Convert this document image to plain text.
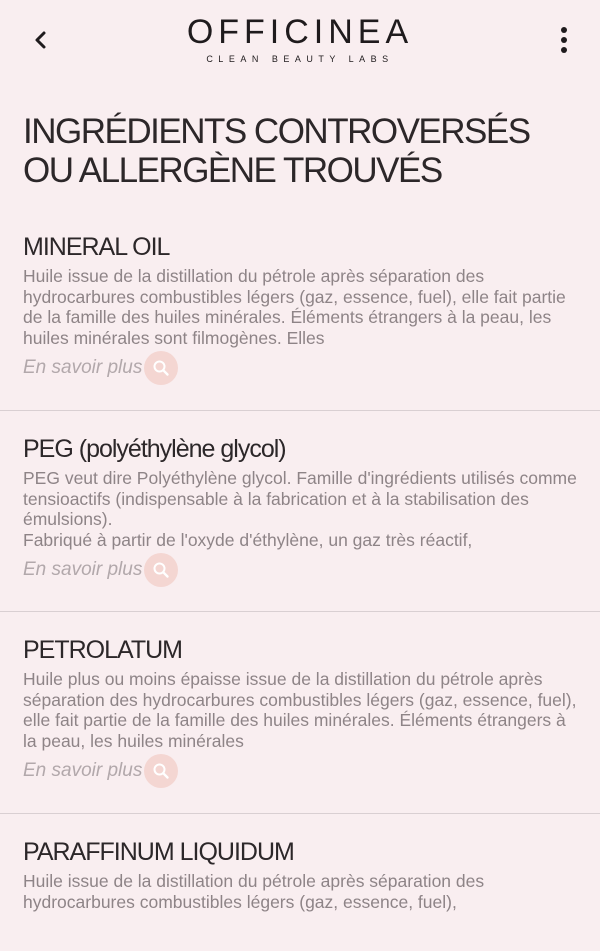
OFFICINEA
CLEAN BEAUTY LABS
INGRÉDIENTS CONTROVERSÉS
OU ALLERGÈNE TROUVÉS
MINERAL OIL

Huile issue de la distillation du pétrole après séparation des hydrocarbures combustibles légers (gaz, essence, fuel), elle fait partie de la famille des huiles minérales. Éléments étrangers à la peau, les huiles minérales sont filmogènes. Elles

En savoir plus
PEG (polyéthylène glycol)

PEG veut dire Polyéthylène glycol. Famille d'ingrédients utilisés comme tensioactifs (indispensable à la fabrication et à la stabilisation des émulsions).
Fabriqué à partir de l'oxyde d'éthylène, un gaz très réactif,

En savoir plus
PETROLATUM

Huile plus ou moins épaisse issue de la distillation du pétrole après séparation des hydrocarbures combustibles légers (gaz, essence, fuel), elle fait partie de la famille des huiles minérales. Éléments étrangers à la peau, les huiles minérales

En savoir plus
PARAFFINUM LIQUIDUM

Huile issue de la distillation du pétrole après séparation des hydrocarbures combustibles légers (gaz, essence, fuel),
